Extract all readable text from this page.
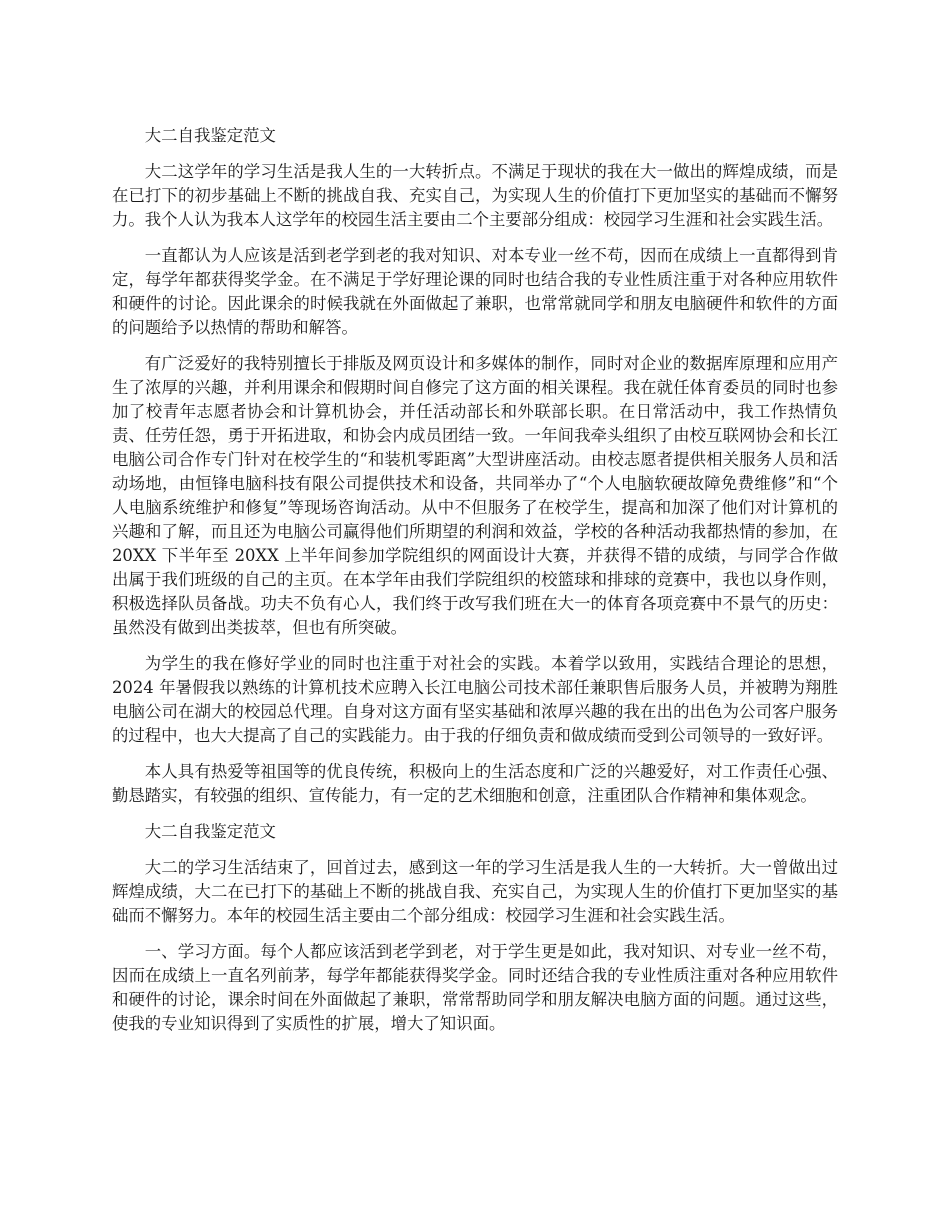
大二自我鉴定范文

大二这学年的学习生活是我人生的一大转折点。不满足于现状的我在大一做出的辉煌成绩，而是在已打下的初步基础上不断的挑战自我、充实自己，为实现人生的价值打下更加坚实的基础而不懈努力。我个人认为我本人这学年的校园生活主要由二个主要部分组成：校园学习生涯和社会实践生活。

一直都认为人应该是活到老学到老的我对知识、对本专业一丝不苟，因而在成绩上一直都得到肯定，每学年都获得奖学金。在不满足于学好理论课的同时也结合我的专业性质注重于对各种应用软件和硬件的讨论。因此课余的时候我就在外面做起了兼职，也常常就同学和朋友电脑硬件和软件的方面的问题给予以热情的帮助和解答。

有广泛爱好的我特别擅长于排版及网页设计和多媒体的制作，同时对企业的数据库原理和应用产生了浓厚的兴趣，并利用课余和假期时间自修完了这方面的相关课程。我在就任体育委员的同时也参加了校青年志愿者协会和计算机协会，并任活动部长和外联部长职。在日常活动中，我工作热情负责、任劳任怨，勇于开拓进取，和协会内成员团结一致。一年间我牵头组织了由校互联网协会和长江电脑公司合作专门针对在校学生的“和装机零距离”大型讲座活动。由校志愿者提供相关服务人员和活动场地，由恒锋电脑科技有限公司提供技术和设备，共同举办了“个人电脑软硬故障免费维修”和“个人电脑系统维护和修复”等现场咨询活动。从中不但服务了在校学生，提高和加深了他们对计算机的兴趣和了解，而且还为电脑公司赢得他们所期望的利润和效益，学校的各种活动我都热情的参加，在 20XX 下半年至 20XX 上半年间参加学院组织的网面设计大赛，并获得不错的成绩，与同学合作做出属于我们班级的自己的主页。在本学年由我们学院组织的校篮球和排球的竞赛中，我也以身作则，积极选择队员备战。功夫不负有心人，我们终于改写我们班在大一的体育各项竞赛中不景气的历史：虽然没有做到出类拔萃，但也有所突破。

为学生的我在修好学业的同时也注重于对社会的实践。本着学以致用，实践结合理论的思想，2024 年暑假我以熟练的计算机技术应聘入长江电脑公司技术部任兼职售后服务人员，并被聘为翔胜电脑公司在湖大的校园总代理。自身对这方面有坚实基础和浓厚兴趣的我在出的出色为公司客户服务的过程中，也大大提高了自己的实践能力。由于我的仔细负责和做成绩而受到公司领导的一致好评。

本人具有热爱等祖国等的优良传统，积极向上的生活态度和广泛的兴趣爱好，对工作责任心强、勤恳踏实，有较强的组织、宣传能力，有一定的艺术细胞和创意，注重团队合作精神和集体观念。

大二自我鉴定范文

大二的学习生活结束了，回首过去，感到这一年的学习生活是我人生的一大转折。大一曾做出过辉煌成绩，大二在已打下的基础上不断的挑战自我、充实自己，为实现人生的价值打下更加坚实的基础而不懈努力。本年的校园生活主要由二个部分组成：校园学习生涯和社会实践生活。

一、学习方面。每个人都应该活到老学到老，对于学生更是如此，我对知识、对专业一丝不苟，因而在成绩上一直名列前茅，每学年都能获得奖学金。同时还结合我的专业性质注重对各种应用软件和硬件的讨论，课余时间在外面做起了兼职，常常帮助同学和朋友解决电脑方面的问题。通过这些，使我的专业知识得到了实质性的扩展，增大了知识面。
